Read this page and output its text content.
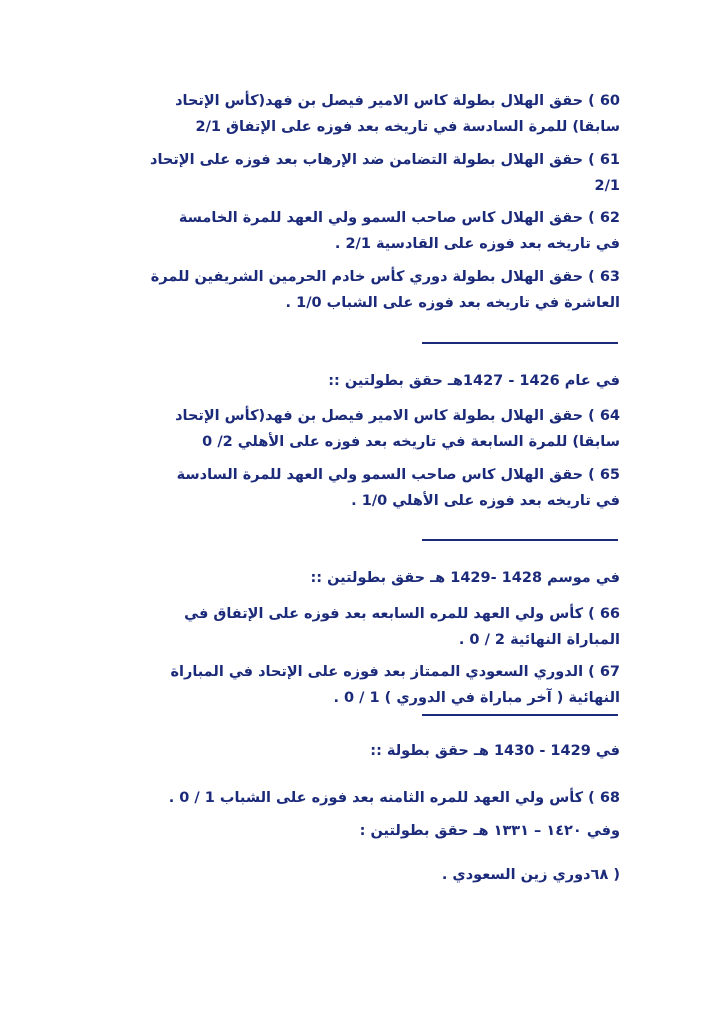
60 ) حقق الهلال بطولة كاس الامير فيصل بن فهد(كأس الإتحاد
سابقا) للمرة السادسة في تاريخه بعد فوزه على الإتفاق 2/1
61 ) حقق الهلال بطولة التضامن ضد الإرهاب بعد فوزه على الإتحاد
2/1
62 ) حقق الهلال كاس صاحب السمو ولي العهد للمرة الخامسة
في تاريخه بعد فوزه على القادسية 2/1 .
63 ) حقق الهلال بطولة دوري كأس خادم الحرمين الشريفين للمرة
العاشرة في تاريخه بعد فوزه على الشباب 1/0 .
في عام 1426 - 1427هـ حقق بطولتين ::
64 ) حقق الهلال بطولة كاس الامير فيصل بن فهد(كأس الإتحاد
سابقا) للمرة السابعة في تاريخه بعد فوزه على الأهلي 2/ 0
65 ) حقق الهلال كاس صاحب السمو ولي العهد للمرة السادسة
في تاريخه بعد فوزه على الأهلي 1/0 .
في موسم 1428 -1429 هـ حقق بطولتين ::
66 ) كأس ولي العهد للمره السابعه بعد فوزه على الإتفاق في
المباراة النهائية 2 / 0 .
67 ) الدوري السعودي الممتاز بعد فوزه على الإتحاد في المباراة
النهائية ( آخر مباراة في الدوري ) 1 / 0 .
في 1429 - 1430 هـ حقق بطولة ::
68 ) كأس ولي العهد للمره الثامنه بعد فوزه على الشباب 1 / 0 .
وفي ١٤٢٠ – ١٣٣١ هـ حقق بطولتين :
( ٦٨دوري زين السعودي .
